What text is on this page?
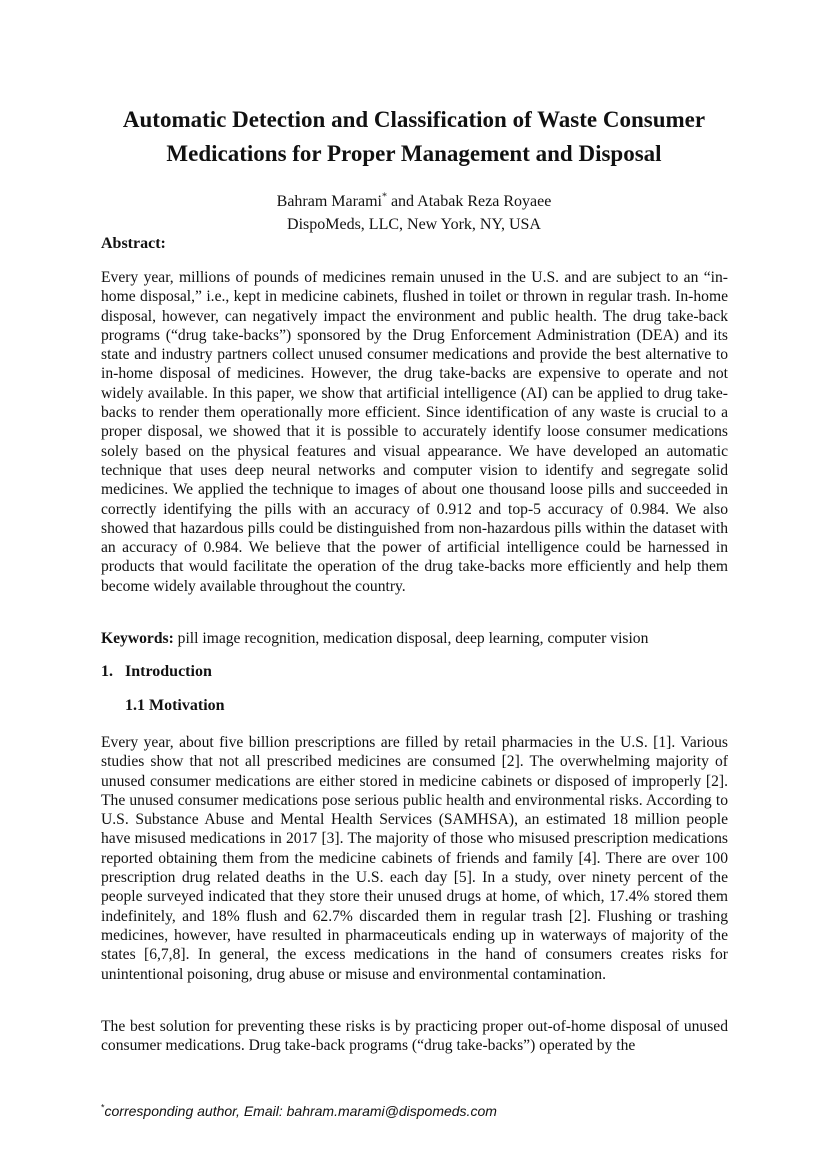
Automatic Detection and Classification of Waste Consumer Medications for Proper Management and Disposal
Bahram Marami* and Atabak Reza Royaee
DispoMeds, LLC, New York, NY, USA
Abstract:

Every year, millions of pounds of medicines remain unused in the U.S. and are subject to an “in-home disposal,” i.e., kept in medicine cabinets, flushed in toilet or thrown in regular trash. In-home disposal, however, can negatively impact the environment and public health. The drug take-back programs (“drug take-backs”) sponsored by the Drug Enforcement Administration (DEA) and its state and industry partners collect unused consumer medications and provide the best alternative to in-home disposal of medicines. However, the drug take-backs are expensive to operate and not widely available. In this paper, we show that artificial intelligence (AI) can be applied to drug take-backs to render them operationally more efficient. Since identification of any waste is crucial to a proper disposal, we showed that it is possible to accurately identify loose consumer medications solely based on the physical features and visual appearance. We have developed an automatic technique that uses deep neural networks and computer vision to identify and segregate solid medicines. We applied the technique to images of about one thousand loose pills and succeeded in correctly identifying the pills with an accuracy of 0.912 and top-5 accuracy of 0.984. We also showed that hazardous pills could be distinguished from non-hazardous pills within the dataset with an accuracy of 0.984. We believe that the power of artificial intelligence could be harnessed in products that would facilitate the operation of the drug take-backs more efficiently and help them become widely available throughout the country.

Keywords: pill image recognition, medication disposal, deep learning, computer vision

1. Introduction
1.1 Motivation

Every year, about five billion prescriptions are filled by retail pharmacies in the U.S. [1]. Various studies show that not all prescribed medicines are consumed [2]. The overwhelming majority of unused consumer medications are either stored in medicine cabinets or disposed of improperly [2]. The unused consumer medications pose serious public health and environmental risks. According to U.S. Substance Abuse and Mental Health Services (SAMHSA), an estimated 18 million people have misused medications in 2017 [3]. The majority of those who misused prescription medications reported obtaining them from the medicine cabinets of friends and family [4]. There are over 100 prescription drug related deaths in the U.S. each day [5]. In a study, over ninety percent of the people surveyed indicated that they store their unused drugs at home, of which, 17.4% stored them indefinitely, and 18% flush and 62.7% discarded them in regular trash [2]. Flushing or trashing medicines, however, have resulted in pharmaceuticals ending up in waterways of majority of the states [6,7,8]. In general, the excess medications in the hand of consumers creates risks for unintentional poisoning, drug abuse or misuse and environmental contamination.

The best solution for preventing these risks is by practicing proper out-of-home disposal of unused consumer medications. Drug take-back programs (“drug take-backs”) operated by the

*corresponding author, Email: bahram.marami@dispomeds.com
